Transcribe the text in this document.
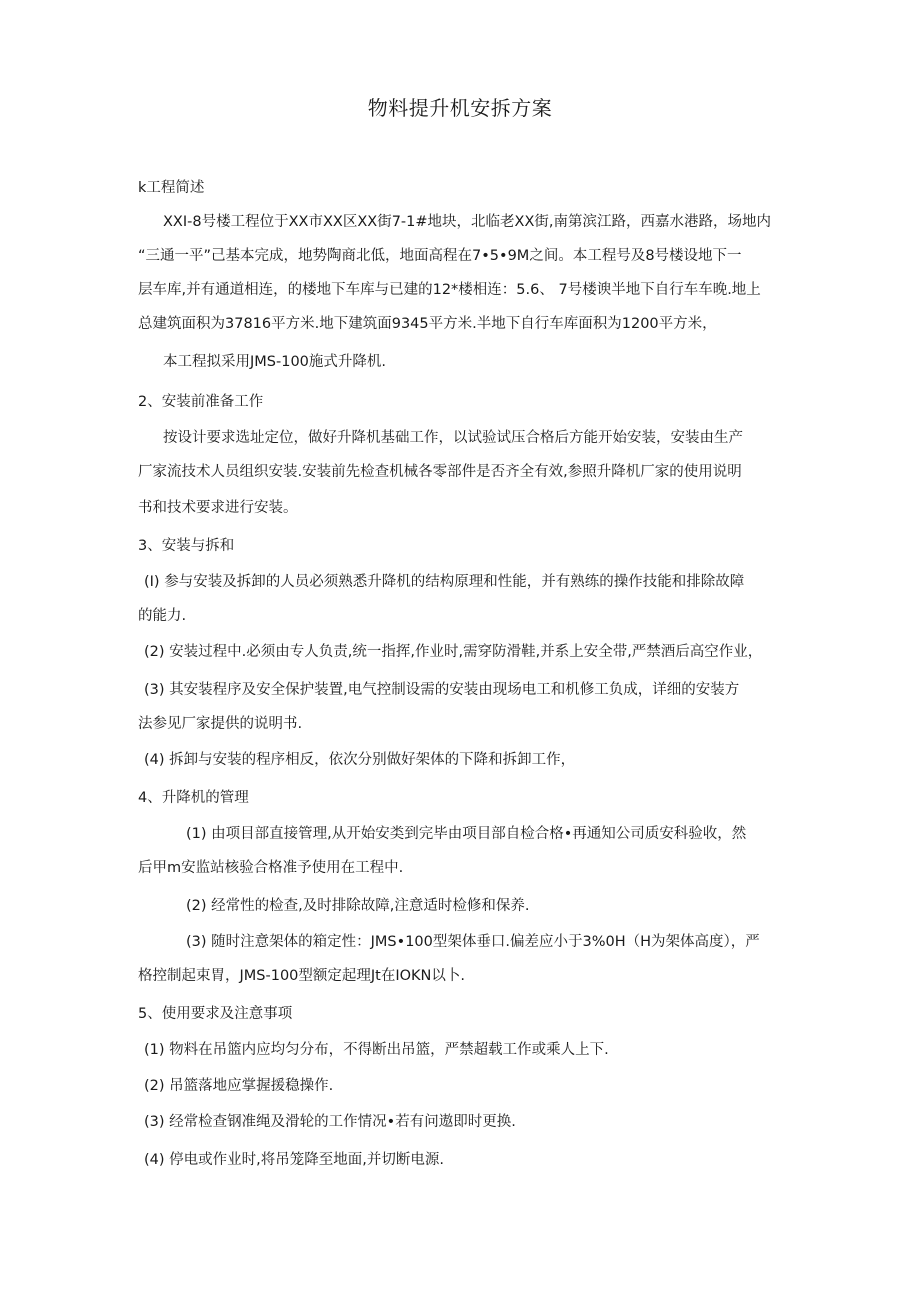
物料提升机安拆方案
k工程简述
XXI-8号楼工程位于XX市XX区XX街7-1#地块，北临老XX街,南第滨江路，西嘉水港路，场地内
“三通一平”己基本完成，地势陶商北低，地面高程在7•5•9M之间。本工程号及8号楼设地下一
层车库,并有通道相连，的楼地下车库与已建的12*楼相连：5.6、 7号楼谀半地下自行车车晚.地上
总建筑面积为37816平方米.地下建筑面9345平方米.半地下自行车库面积为1200平方米，
本工程拟采用JMS-100施式升降机.
2、安装前准备工作
按设计要求选址定位，做好升降机基础工作，以试验试压合格后方能开始安装，安装由生产
厂家流技术人员组织安装.安装前先检查机械各零部件是否齐全有效,参照升降机厂家的使用说明
书和技术要求进行安装。
3、安装与拆和
(I) 参与安装及拆卸的人员必须熟悉升降机的结构原理和性能，并有熟练的操作技能和排除故障
的能力.
(2) 安装过程中.必须由专人负责,统一指挥,作业时,需穿防滑鞋,并系上安全带,严禁酒后高空作业，
(3) 其安装程序及安全保护装置,电气控制设需的安装由现场电工和机修工负成，详细的安装方
法参见厂家提供的说明书.
(4) 拆卸与安装的程序相反，依次分别做好架体的下降和拆卸工作，
4、升降机的管理
(1) 由项目部直接管理,从开始安类到完毕由项目部自检合格•再通知公司质安科验收，然
后甲m安监站核验合格准予使用在工程中.
(2) 经常性的检查,及时排除故障,注意适时检修和保养.
(3) 随时注意架体的箱定性：JMS•100型架体垂口.偏差应小于3%0H（H为架体高度），严
格控制起束胃，JMS-100型额定起理Jt在IOKN以卜.
5、使用要求及注意事项
(1) 物料在吊篮内应均匀分布，不得断出吊篮，严禁超载工作或乘人上下.
(2) 吊篮落地应掌握援稳操作.
(3) 经常检查钢准绳及滑轮的工作情况•若有问遨即时更换.
(4) 停电或作业时,将吊笼降至地面,并切断电源.
